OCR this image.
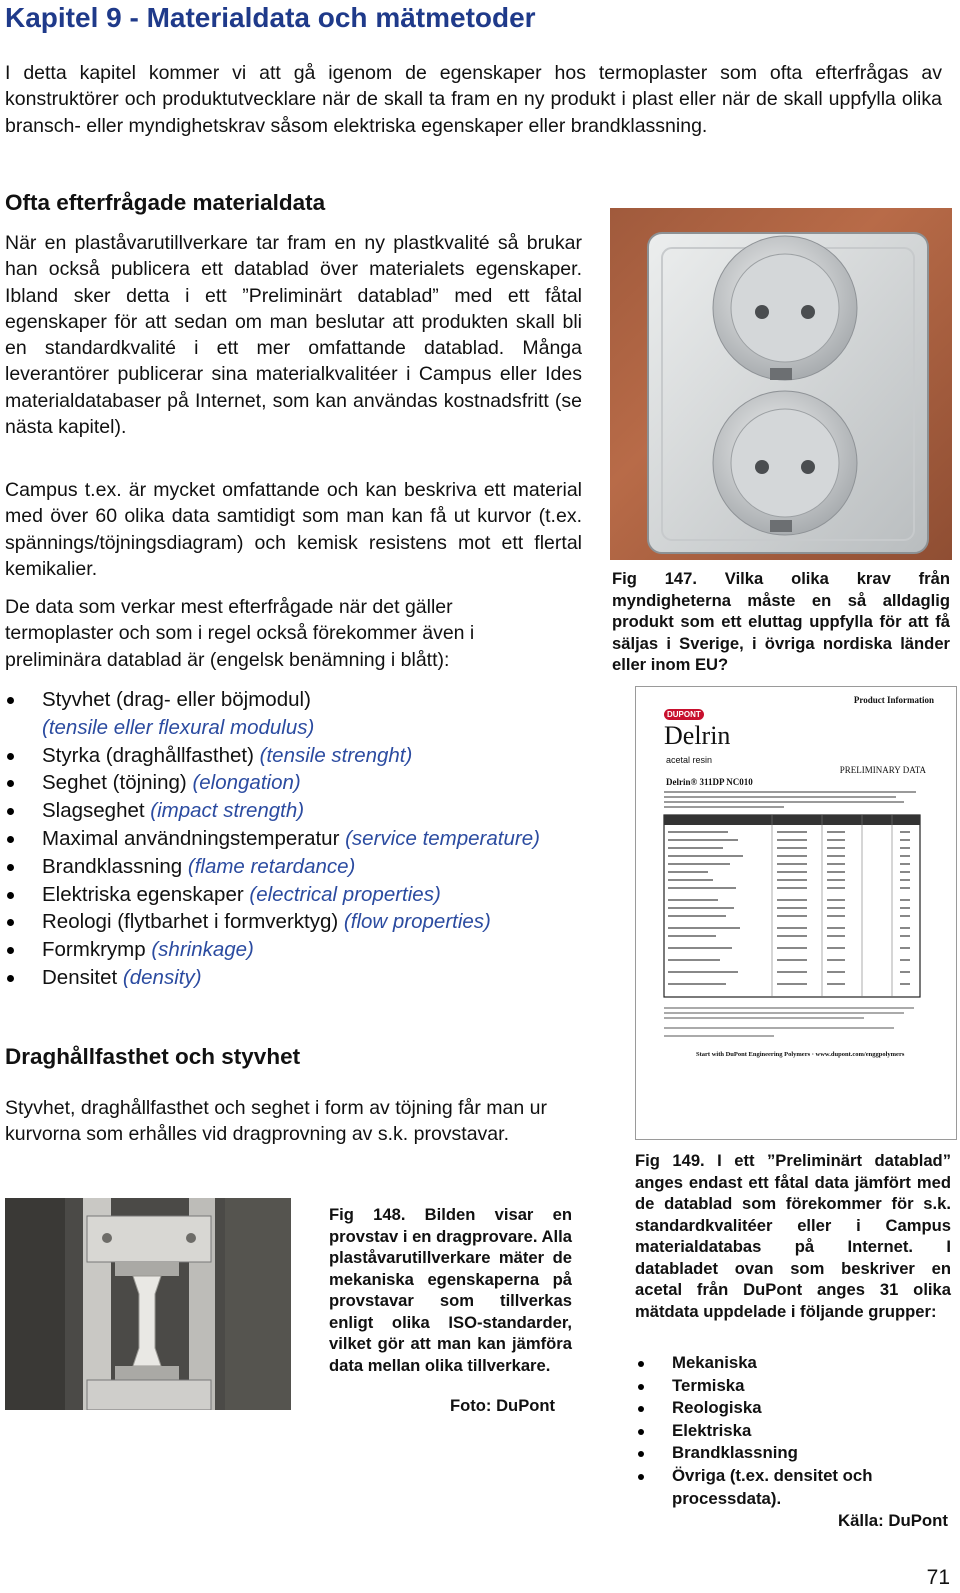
Kapitel 9 - Materialdata och mätmetoder

I detta kapitel kommer vi att gå igenom de egenskaper hos termoplaster som ofta efterfrågas av konstruktörer och produktutvecklare när de skall ta fram en ny produkt i plast eller när de skall uppfylla olika bransch- eller myndighetskrav såsom elektriska egenskaper eller brandklassning.

Ofta efterfrågade materialdata

När en plaståvarutillverkare tar fram en ny plastkvalité så brukar han också publicera ett datablad över materialets egenskaper. Ibland sker detta i ett ”Preliminärt datablad” med ett fåtal egenskaper för att sedan om man beslutar att produkten skall bli en standardkvalité i ett mer omfattande datablad. Många leverantörer publicerar sina materialkvalitéer i Campus eller Ides materialdatabaser på Internet, som kan användas kostnadsfritt (se nästa kapitel).

Campus t.ex. är mycket omfattande och kan beskriva ett material med över 60 olika data samtidigt som man kan få ut kurvor (t.ex. spännings/töjningsdiagram) och kemisk resistens mot ett flertal kemikalier.

De data som verkar mest efterfrågade när det gäller termoplaster och som i regel också förekommer även i preliminära datablad är (engelsk benämning i blått):

Styvhet (drag- eller böjmodul)
(tensile eller flexural modulus)
Styrka (draghållfasthet) (tensile strenght)
Seghet (töjning) (elongation)
Slagseghet (impact strength)
Maximal användningstemperatur (service temperature)
Brandklassning (flame retardance)
Elektriska egenskaper (electrical properties)
Reologi (flytbarhet i formverktyg) (flow properties)
Formkrymp (shrinkage)
Densitet (density)
Draghållfasthet och styvhet

Styvhet, draghållfasthet och seghet i form av töjning får man ur kurvorna som erhålles vid dragprovning av s.k. provstavar.

Fig 147. Vilka olika krav från myndigheterna måste en så alldaglig produkt som ett eluttag uppfylla för att få säljas i Sverige, i övriga nordiska länder eller inom EU?

Product Information
DUPONT
Delrin
acetal resin
PRELIMINARY DATA
Delrin® 311DP NC010
Start with DuPont Engineering Polymers · www.dupont.com/enggpolymers

Fig 149. I ett ”Preliminärt datablad” anges endast ett fåtal data jämfört med de datablad som förekommer för s.k. standardkvalitéer eller i Campus materialdatabas på Internet. I databladet ovan som beskriver en acetal från DuPont anges 31 olika mätdata uppdelade i följande grupper:

Mekaniska
Termiska
Reologiska
Elektriska
Brandklassning
Övriga (t.ex. densitet och processdata).
Källa: DuPont

Fig 148. Bilden visar en provstav i en dragprovare. Alla plaståvarutillverkare mäter de mekaniska egenskaperna på provstavar som tillverkas enligt olika ISO-standarder, vilket gör att man kan jämföra data mellan olika tillverkare.

Foto: DuPont
71
